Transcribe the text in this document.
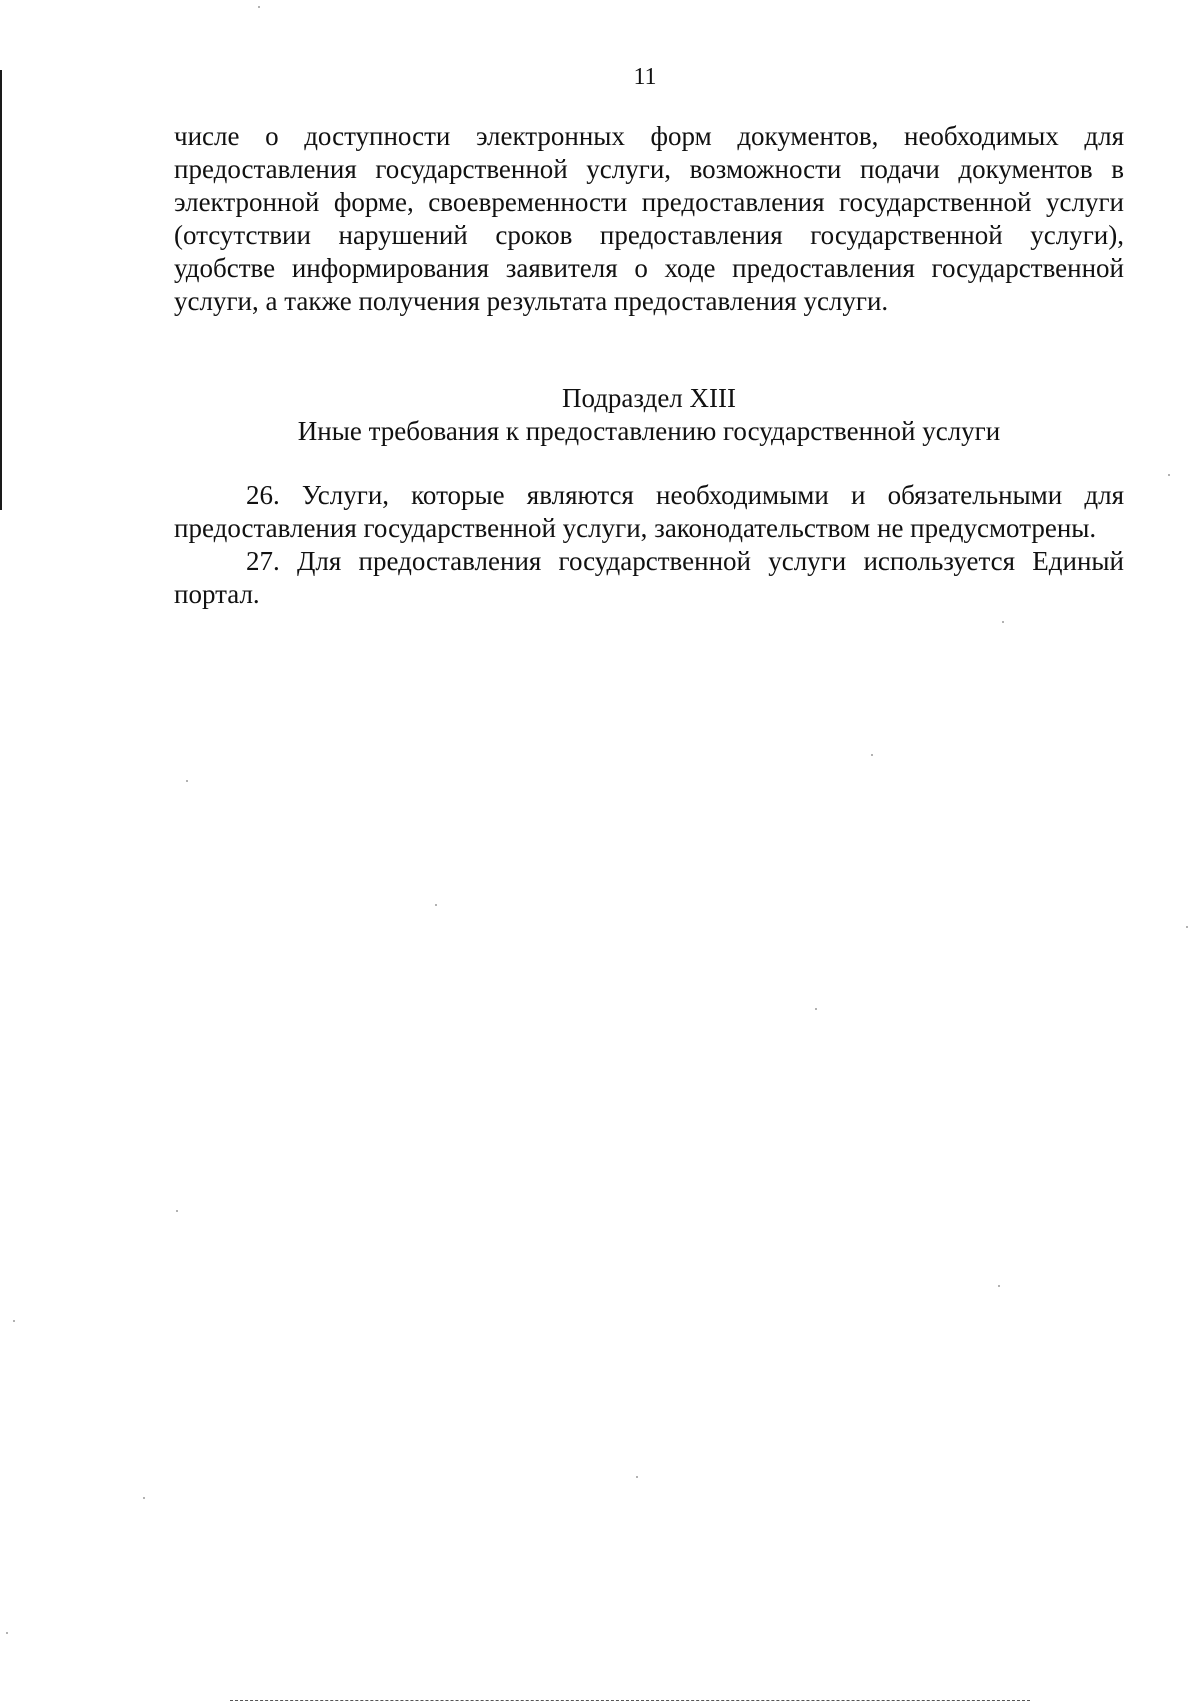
11

числе о доступности электронных форм документов, необходимых для предоставления государственной услуги, возможности подачи документов в электронной форме, своевременности предоставления государственной услуги (отсутствии нарушений сроков предоставления государственной услуги), удобстве информирования заявителя о ходе предоставления государственной услуги, а также получения результата предоставления услуги.

Подраздел XIII

Иные требования к предоставлению государственной услуги

26. Услуги, которые являются необходимыми и обязательными для предоставления государственной услуги, законодательством не предусмотрены.

27. Для предоставления государственной услуги используется Единый портал.
